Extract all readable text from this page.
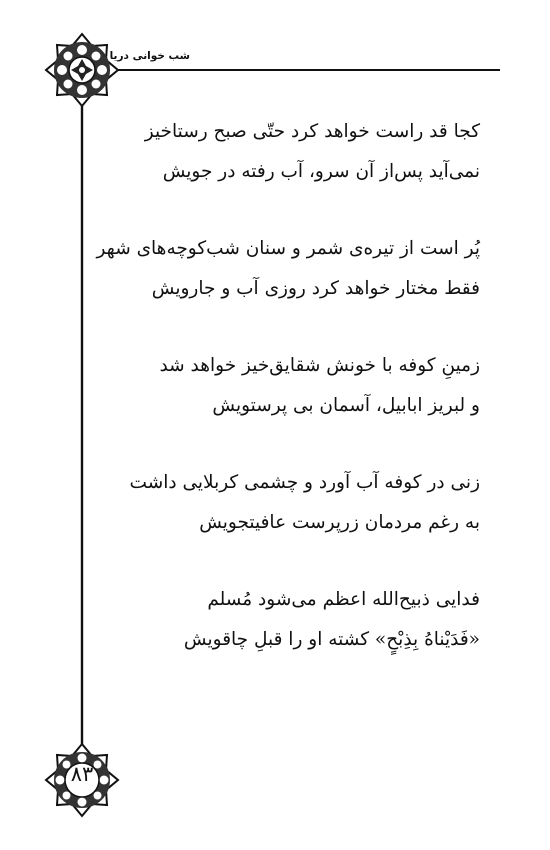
شب خوانی دریا
۸۳
کجا قد راست خواهد کرد حتّی صبح رستاخیز
نمی‌آید پس‌از آن سرو، آب رفته در جویش
پُر است از تیره‌ی شمر و سنان شب‌کوچه‌های شهر
فقط مختار خواهد کرد روزی آب و جارویش
زمینِ کوفه با خونش شقایق‌خیز خواهد شد
و لبریز ابابیل، آسمان بی پرستویش
زنی در کوفه آب آورد و چشمی کربلایی داشت
به رغم مردمان زرپرست عافیتجویش
فدایی ذبیح‌الله اعظم می‌شود مُسلم
«فَدَیْناهُ بِذِبْحٍ» کشته او را قبلِ چاقویش
